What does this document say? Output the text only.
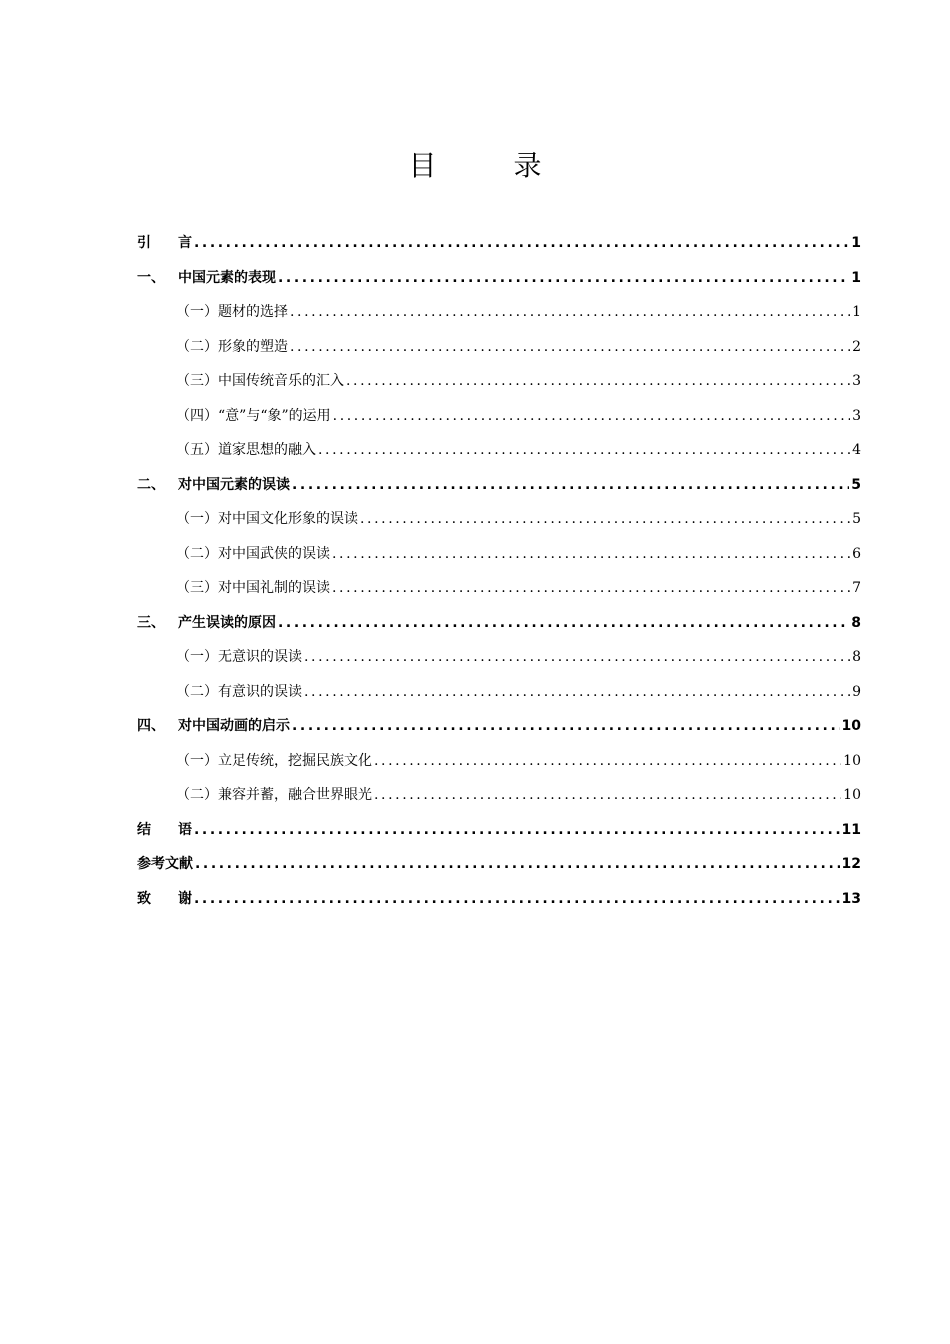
目 录
引	言 .....	1
一、 中国元素的表现 .....	1
（一）题材的选择 .....	1
（二）形象的塑造 .....	2
（三）中国传统音乐的汇入 .....	3
（四）“意”与“象”的运用 .....	3
（五）道家思想的融入 .....	4
二、 对中国元素的误读 .....	5
（一）对中国文化形象的误读 .....	5
（二）对中国武侠的误读 .....	6
（三）对中国礼制的误读 .....	7
三、 产生误读的原因 .....	8
（一）无意识的误读 .....	8
（二）有意识的误读 .....	9
四、 对中国动画的启示 .....	10
（一）立足传统，挖掘民族文化 .....	10
（二）兼容并蓄，融合世界眼光 .....	10
结	语 .....	11
参考文献 .....	12
致	谢 .....	13
